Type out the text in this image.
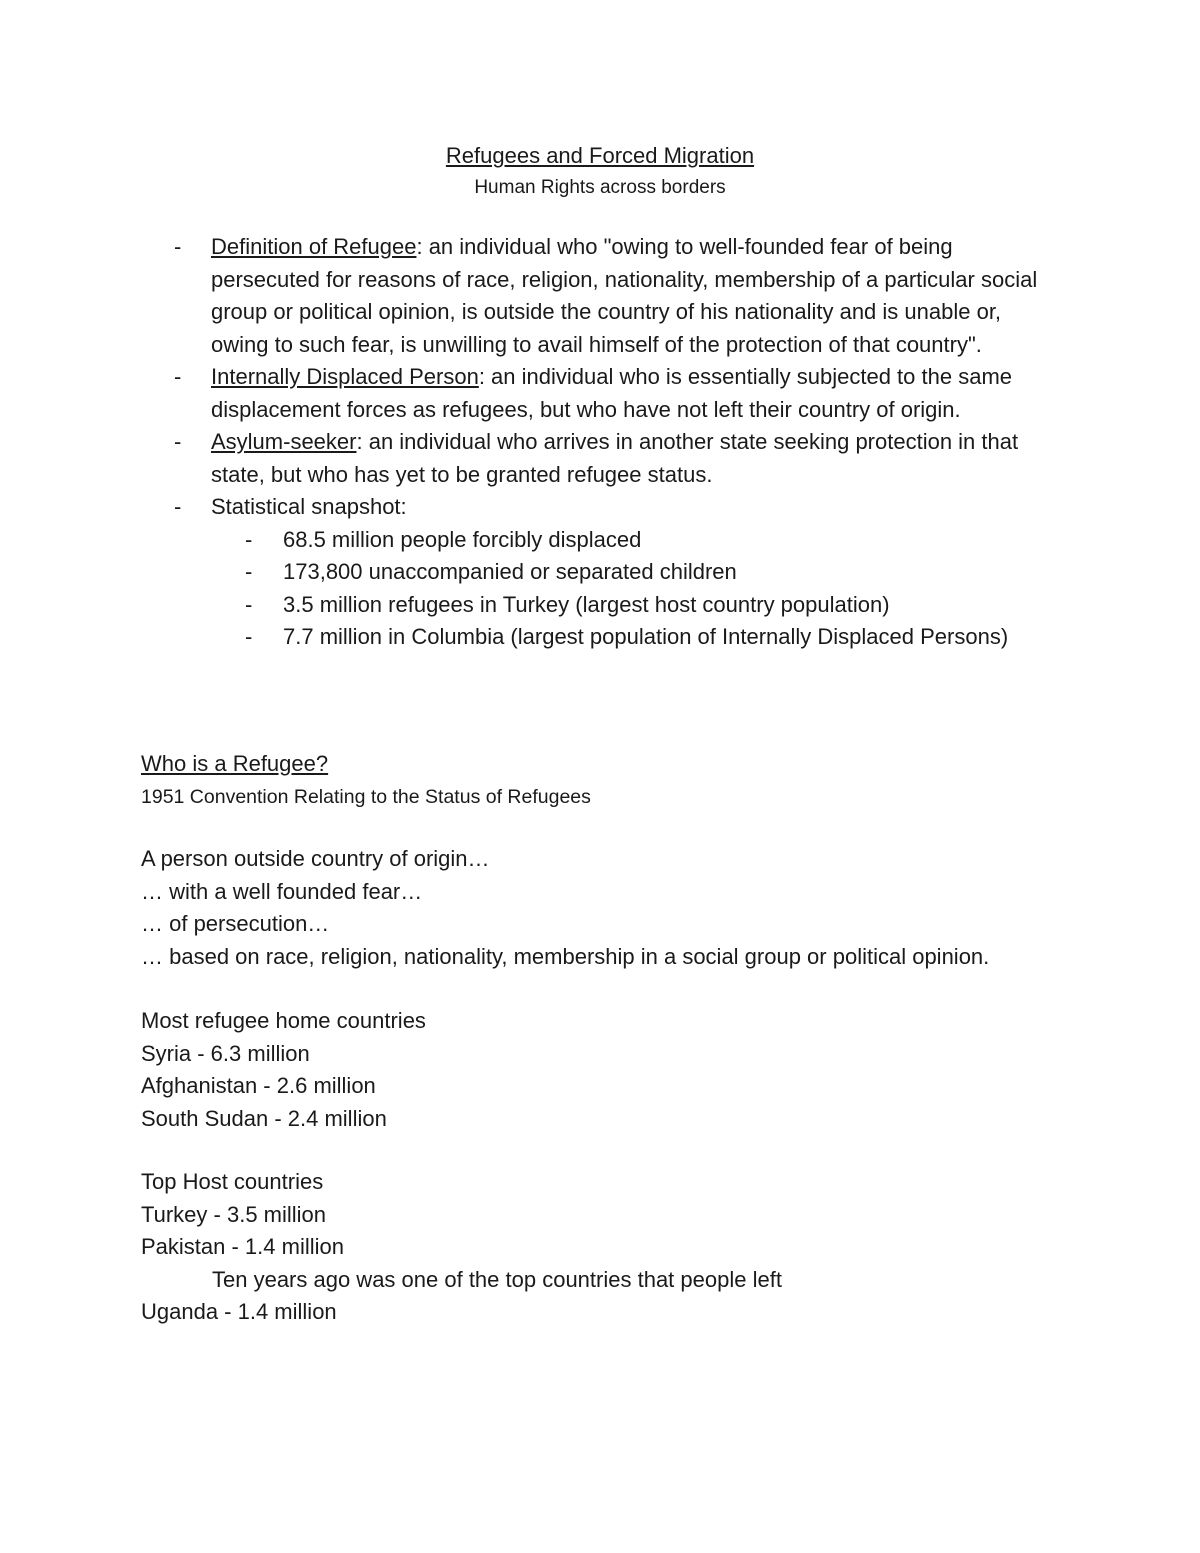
Refugees and Forced Migration
Human Rights across borders
- Definition of Refugee: an individual who "owing to well-founded fear of being persecuted for reasons of race, religion, nationality, membership of a particular social group or political opinion, is outside the country of his nationality and is unable or, owing to such fear, is unwilling to avail himself of the protection of that country".
- Internally Displaced Person: an individual who is essentially subjected to the same displacement forces as refugees, but who have not left their country of origin.
- Asylum-seeker: an individual who arrives in another state seeking protection in that state, but who has yet to be granted refugee status.
- Statistical snapshot:
- 68.5 million people forcibly displaced
- 173,800 unaccompanied or separated children
- 3.5 million refugees in Turkey (largest host country population)
- 7.7 million in Columbia (largest population of Internally Displaced Persons)
Who is a Refugee?
1951 Convention Relating to the Status of Refugees
A person outside country of origin…
… with a well founded fear…
… of persecution…
… based on race, religion, nationality, membership in a social group or political opinion.
Most refugee home countries
Syria - 6.3 million
Afghanistan - 2.6 million
South Sudan - 2.4 million
Top Host countries
Turkey - 3.5 million
Pakistan - 1.4 million
Ten years ago was one of the top countries that people left
Uganda - 1.4 million
